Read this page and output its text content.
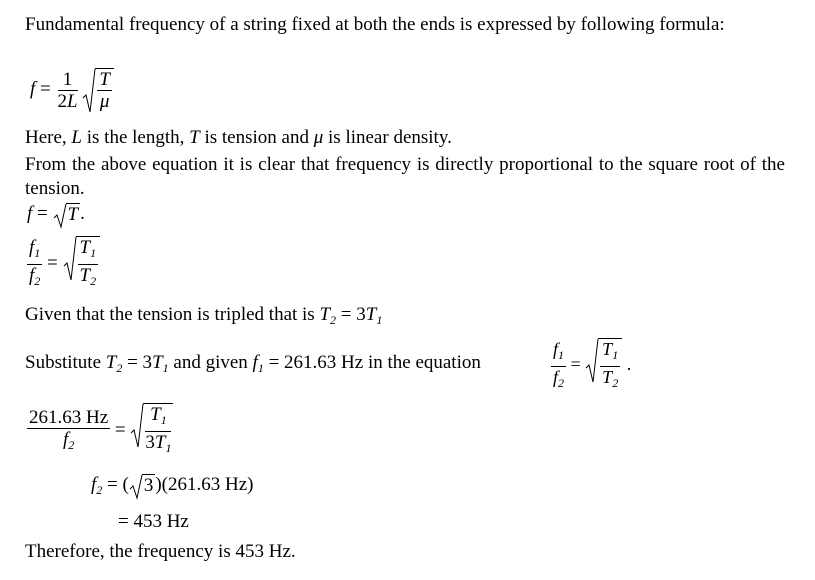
Fundamental frequency of a string fixed at both the ends is expressed by following formula:
$f = \frac{1}{2L}$
$\frac{T}{\mu}$
Here, L is the length, T is tension and μ is linear density.
From the above equation it is clear that frequency is directly proportional to the square root of the tension.
f =
T .
$\frac{f_1}{f_2} = \frac{T_1}{T_2}$
Given that the tension is tripled that is $T_2 = 3T_1$
Substitute $T_2 = 3T_1$ and given $f_1 = 261.63$ Hz in the equation	$\frac{f_1}{f_2} = \frac{T_1}{T_2}$ .
$\frac{261.63 Hz}{f_2} = \frac{T_1}{3T_1}$
$f_2$ = ( 3 )(261.63 Hz)
= 453 Hz
Therefore, the frequency is 453 Hz.
